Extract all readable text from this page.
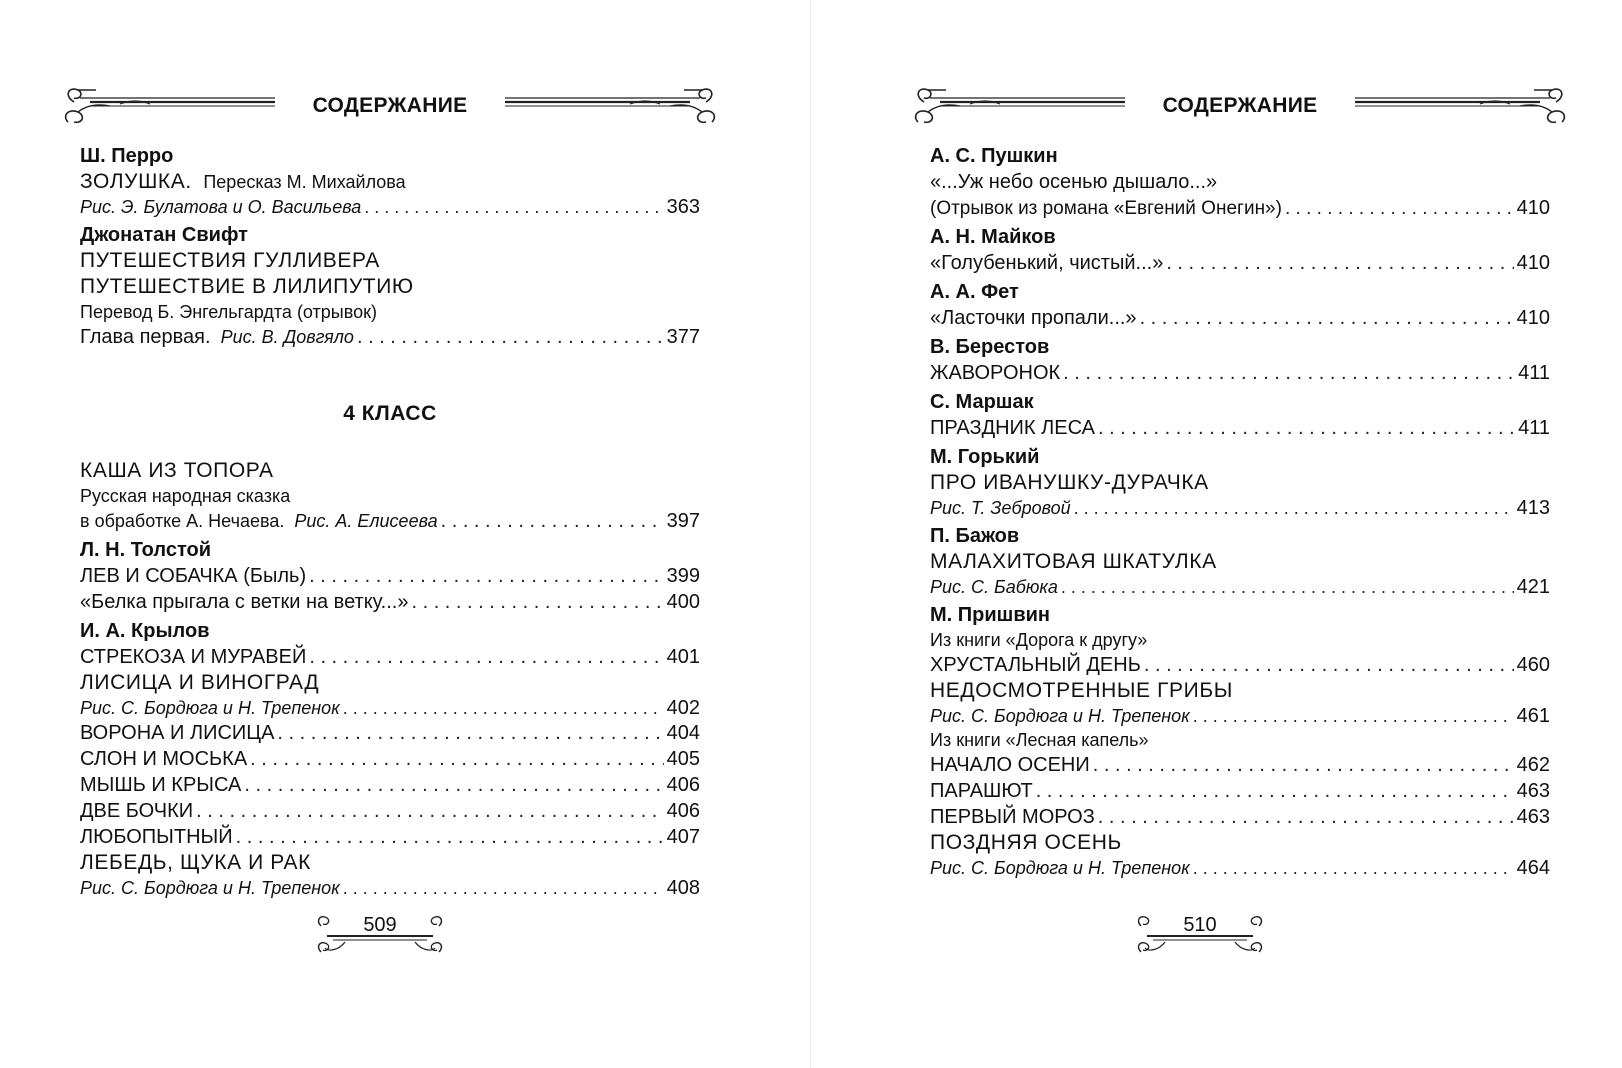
СОДЕРЖАНИЕ
Ш. Перро
ЗОЛУШКА. Пересказ М. Михайлова
Рис. Э. Булатова и О. Васильева . . .	363
Джонатан Свифт
ПУТЕШЕСТВИЯ ГУЛЛИВЕРА
ПУТЕШЕСТВИЕ В ЛИЛИПУТИЮ
Перевод Б. Энгельгардта (отрывок)
Глава первая. Рис. В. Довгяло . . .	377
4 КЛАСС
КАША ИЗ ТОПОРА
Русская народная сказка
в обработке А. Нечаева. Рис. А. Елисеева . . .	397
Л. Н. Толстой
ЛЕВ И СОБАЧКА (Быль) . . .	399
«Белка прыгала с ветки на ветку...» . . .	400
И. А. Крылов
СТРЕКОЗА И МУРАВЕЙ . . .	401
ЛИСИЦА И ВИНОГРАД
Рис. С. Бордюга и Н. Трепенок . . .	402
ВОРОНА И ЛИСИЦА . . .	404
СЛОН И МОСЬКА . . .	405
МЫШЬ И КРЫСА . . .	406
ДВЕ БОЧКИ . . .	406
ЛЮБОПЫТНЫЙ . . .	407
ЛЕБЕДЬ, ЩУКА И РАК
Рис. С. Бордюга и Н. Трепенок . . .	408
509
СОДЕРЖАНИЕ
А. С. Пушкин
«...Уж небо осенью дышало...»
(Отрывок из романа «Евгений Онегин») . . .	410
А. Н. Майков
«Голубенький, чистый...» . . .	410
А. А. Фет
«Ласточки пропали...» . . .	410
В. Берестов
ЖАВОРОНОК . . .	411
С. Маршак
ПРАЗДНИК ЛЕСА . . .	411
М. Горький
ПРО ИВАНУШКУ-ДУРАЧКА
Рис. Т. Зебровой . . .	413
П. Бажов
МАЛАХИТОВАЯ ШКАТУЛКА
Рис. С. Бабюка . . .	421
М. Пришвин
Из книги «Дорога к другу»
ХРУСТАЛЬНЫЙ ДЕНЬ . . .	460
НЕДОСМОТРЕННЫЕ ГРИБЫ
Рис. С. Бордюга и Н. Трепенок . . .	461
Из книги «Лесная капель»
НАЧАЛО ОСЕНИ . . .	462
ПАРАШЮТ . . .	463
ПЕРВЫЙ МОРОЗ . . .	463
ПОЗДНЯЯ ОСЕНЬ
Рис. С. Бордюга и Н. Трепенок . . .	464
510
